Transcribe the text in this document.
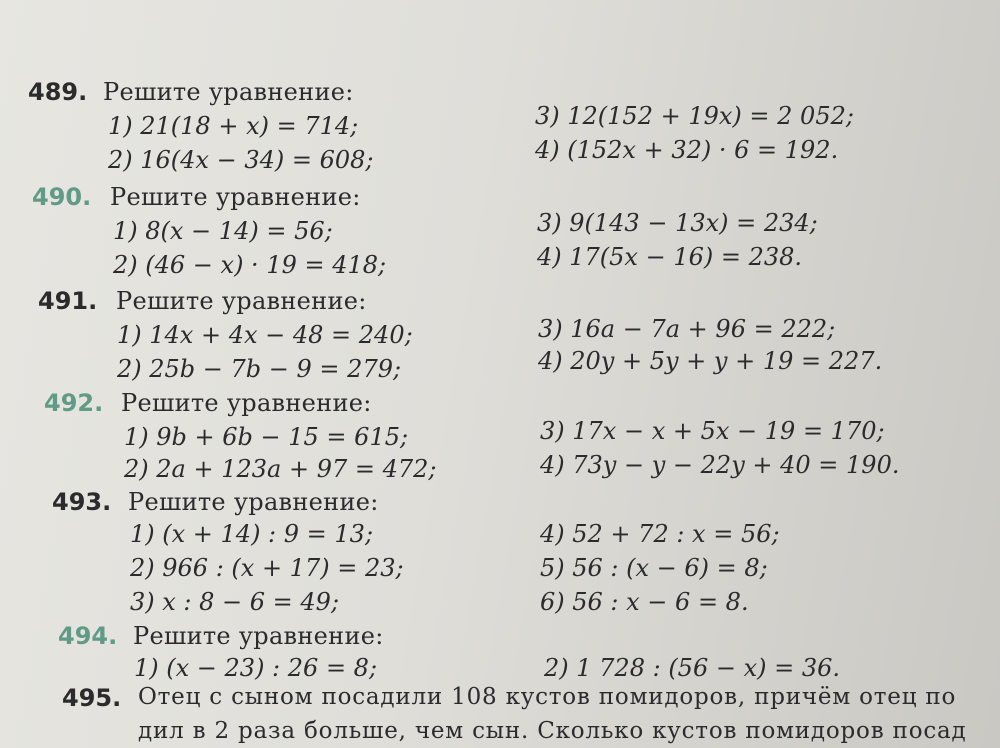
489. Решите уравнение:
1) 21(18 + x) = 714;
2) 16(4x − 34) = 608;
3) 12(152 + 19x) = 2 052;
4) (152x + 32) · 6 = 192.
490. Решите уравнение:
1) 8(x − 14) = 56;
2) (46 − x) · 19 = 418;
3) 9(143 − 13x) = 234;
4) 17(5x − 16) = 238.
491. Решите уравнение:
1) 14x + 4x − 48 = 240;
2) 25b − 7b − 9 = 279;
3) 16a − 7a + 96 = 222;
4) 20y + 5y + y + 19 = 227.
492. Решите уравнение:
1) 9b + 6b − 15 = 615;
2) 2a + 123a + 97 = 472;
3) 17x − x + 5x − 19 = 170;
4) 73y − y − 22y + 40 = 190.
493. Решите уравнение:
1) (x + 14) : 9 = 13;
2) 966 : (x + 17) = 23;
3) x : 8 − 6 = 49;
4) 52 + 72 : x = 56;
5) 56 : (x − 6) = 8;
6) 56 : x − 6 = 8.
494. Решите уравнение:
1) (x − 23) : 26 = 8;	2) 1 728 : (56 − x) = 36.
495. Отец с сыном посадили 108 кустов помидоров, причём отец по
дил в 2 раза больше, чем сын. Сколько кустов помидоров посад
